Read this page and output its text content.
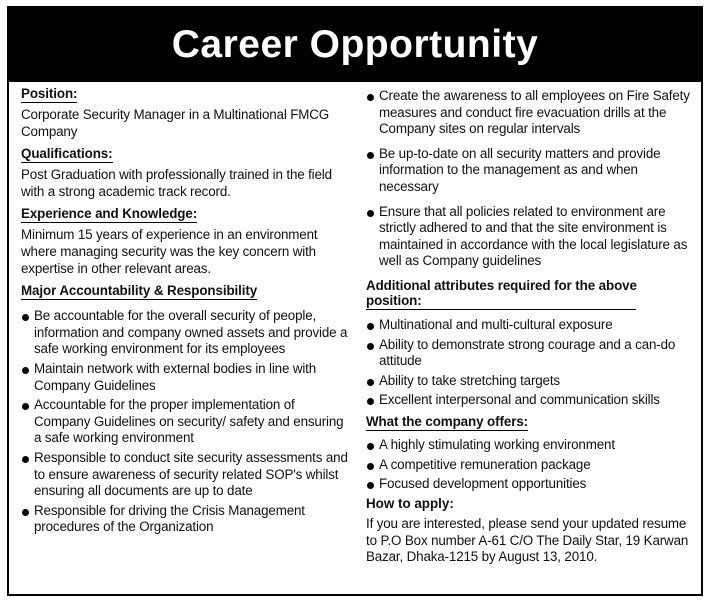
Career Opportunity
Position:
Corporate Security Manager in a Multinational FMCG Company
Qualifications:
Post Graduation with professionally trained in the field with a strong academic track record.
Experience and Knowledge:
Minimum 15 years of experience in an environment where managing security was the key concern with expertise in other relevant areas.
Major Accountability & Responsibility
Be accountable for the overall security of people, information and company owned assets and provide a safe working environment for its employees
Maintain network with external bodies in line with Company Guidelines
Accountable for the proper implementation of Company Guidelines on security/ safety and ensuring a safe working environment
Responsible to conduct site security assessments and to ensure awareness of security related SOP's whilst ensuring all documents are up to date
Responsible for driving the Crisis Management procedures of the Organization
Create the awareness to all employees on Fire Safety measures and conduct fire evacuation drills at the Company sites on regular intervals
Be up-to-date on all security matters and provide information to the management as and when necessary
Ensure that all policies related to environment are strictly adhered to and that the site environment is maintained in accordance with the local legislature as well as Company guidelines
Additional attributes required for the above position:
Multinational and multi-cultural exposure
Ability to demonstrate strong courage and a can-do attitude
Ability to take stretching targets
Excellent interpersonal and communication skills
What the company offers:
A highly stimulating working environment
A competitive remuneration package
Focused development opportunities
How to apply:
If you are interested, please send your updated resume to P.O Box number A-61 C/O The Daily Star, 19 Karwan Bazar, Dhaka-1215 by August 13, 2010.
